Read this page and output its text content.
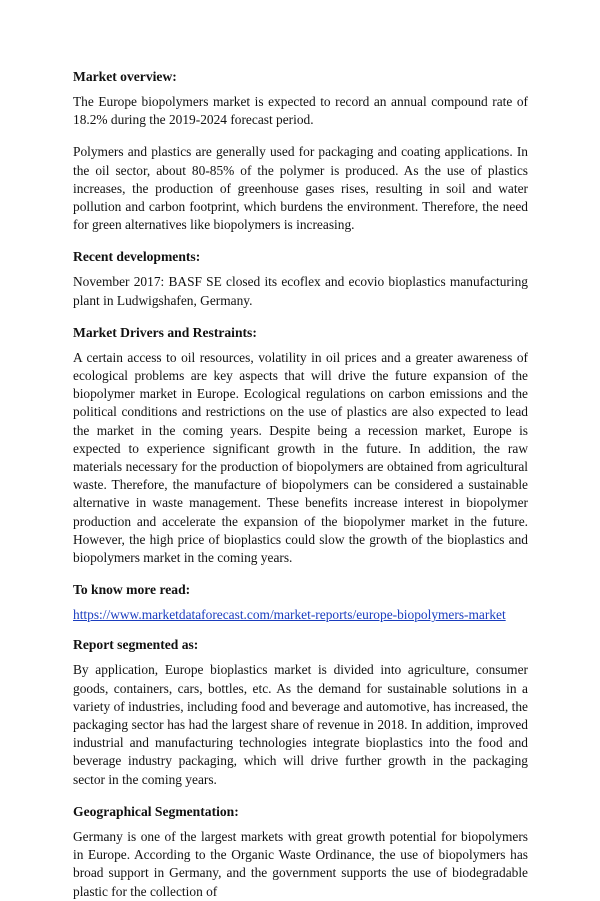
Market overview:

The Europe biopolymers market is expected to record an annual compound rate of 18.2% during the 2019-2024 forecast period.

Polymers and plastics are generally used for packaging and coating applications. In the oil sector, about 80-85% of the polymer is produced. As the use of plastics increases, the production of greenhouse gases rises, resulting in soil and water pollution and carbon footprint, which burdens the environment. Therefore, the need for green alternatives like biopolymers is increasing.

Recent developments:

November 2017: BASF SE closed its ecoflex and ecovio bioplastics manufacturing plant in Ludwigshafen, Germany.

Market Drivers and Restraints:

A certain access to oil resources, volatility in oil prices and a greater awareness of ecological problems are key aspects that will drive the future expansion of the biopolymer market in Europe. Ecological regulations on carbon emissions and the political conditions and restrictions on the use of plastics are also expected to lead the market in the coming years. Despite being a recession market, Europe is expected to experience significant growth in the future. In addition, the raw materials necessary for the production of biopolymers are obtained from agricultural waste. Therefore, the manufacture of biopolymers can be considered a sustainable alternative in waste management. These benefits increase interest in biopolymer production and accelerate the expansion of the biopolymer market in the future. However, the high price of bioplastics could slow the growth of the bioplastics and biopolymers market in the coming years.

To know more read:

https://www.marketdataforecast.com/market-reports/europe-biopolymers-market

Report segmented as:

By application, Europe bioplastics market is divided into agriculture, consumer goods, containers, cars, bottles, etc. As the demand for sustainable solutions in a variety of industries, including food and beverage and automotive, has increased, the packaging sector has had the largest share of revenue in 2018. In addition, improved industrial and manufacturing technologies integrate bioplastics into the food and beverage industry packaging, which will drive further growth in the packaging sector in the coming years.

Geographical Segmentation:

Germany is one of the largest markets with great growth potential for biopolymers in Europe. According to the Organic Waste Ordinance, the use of biopolymers has broad support in Germany, and the government supports the use of biodegradable plastic for the collection of
